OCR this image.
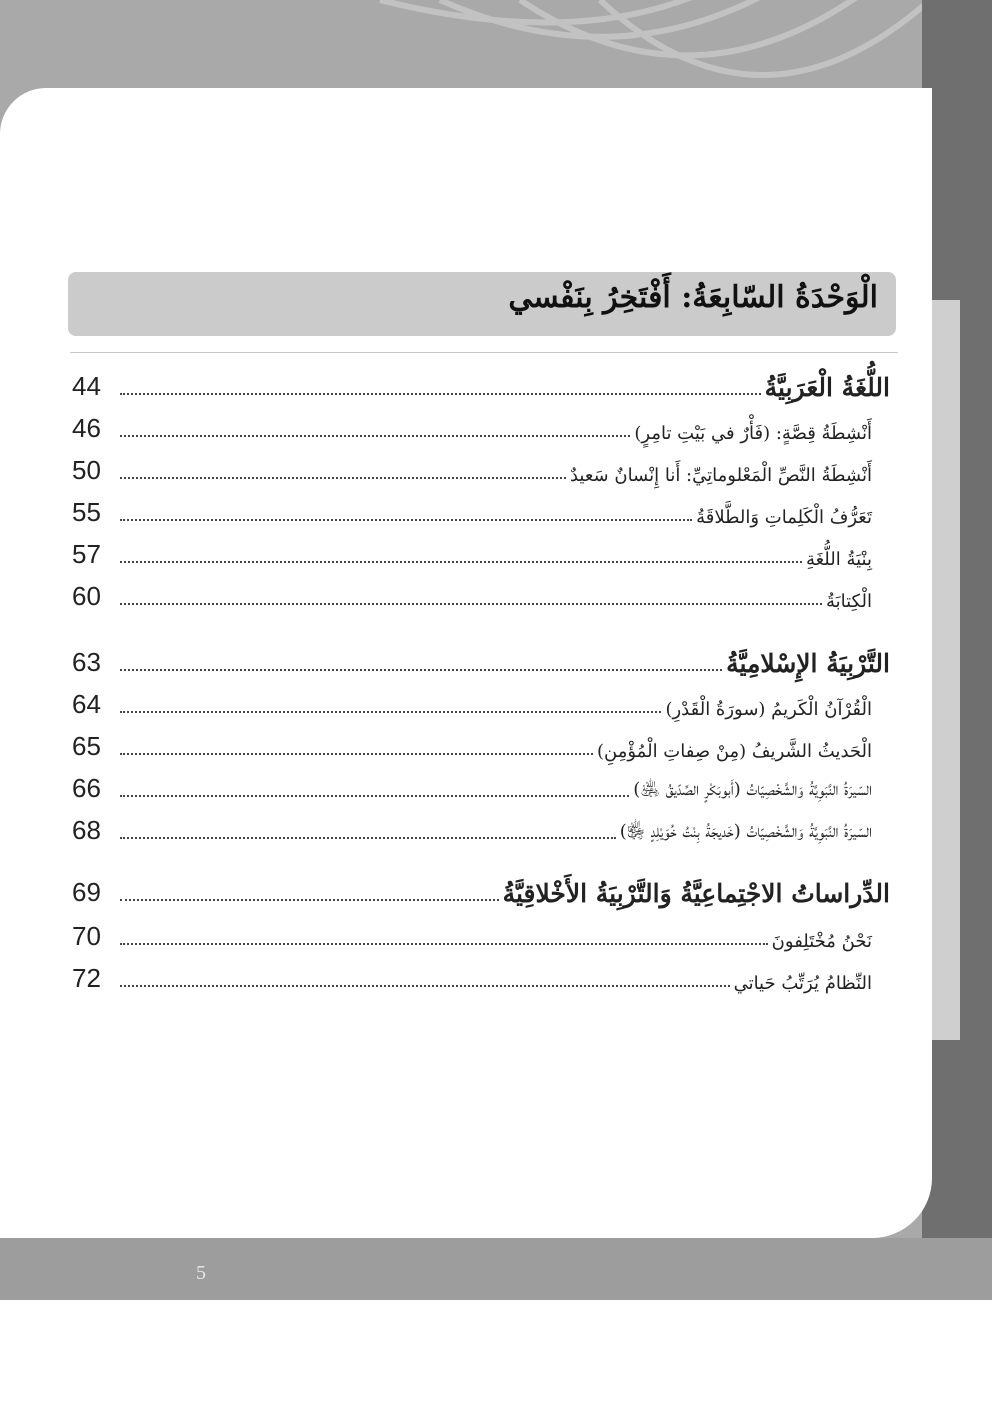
الْوَحْدَةُ السّابِعَةُ: أَفْتَخِرُ بِنَفْسي
اللُّغَةُ الْعَرَبِيَّةُ
44
أَنْشِطَةُ قِصَّةٍ: (فَأْرٌ في بَيْتِ تامِرٍ)
46
أَنْشِطَةُ النَّصِّ الْمَعْلوماتِيِّ: أَنا إِنْسانٌ سَعيدٌ
50
تَعَرُّفُ الْكَلِماتِ وَالطَّلاقَةُ
55
بِنْيَةُ اللُّغَةِ
57
الْكِتابَةُ
60
التَّرْبِيَةُ الإِسْلامِيَّةُ
63
الْقُرْآنُ الْكَريمُ (سورَةُ الْقَدْرِ)
64
الْحَديثُ الشَّريفُ (مِنْ صِفاتِ الْمُؤْمِنِ)
65
السّيرَةُ النَّبَوِيَّةُ وَالشَّخْصِيّاتُ (أَبوبَكْرٍ الصِّدّيقُ ﵁)
66
السّيرَةُ النَّبَوِيَّةُ وَالشَّخْصِيّاتُ (خَديجَةُ بِنْتُ خُوَيْلِدٍ ﵂)
68
الدِّراساتُ الاجْتِماعِيَّةُ وَالتَّرْبِيَةُ الأَخْلاقِيَّةُ
69
نَحْنُ مُخْتَلِفونَ
70
النِّظامُ يُرَتِّبُ حَياتي
72
5
